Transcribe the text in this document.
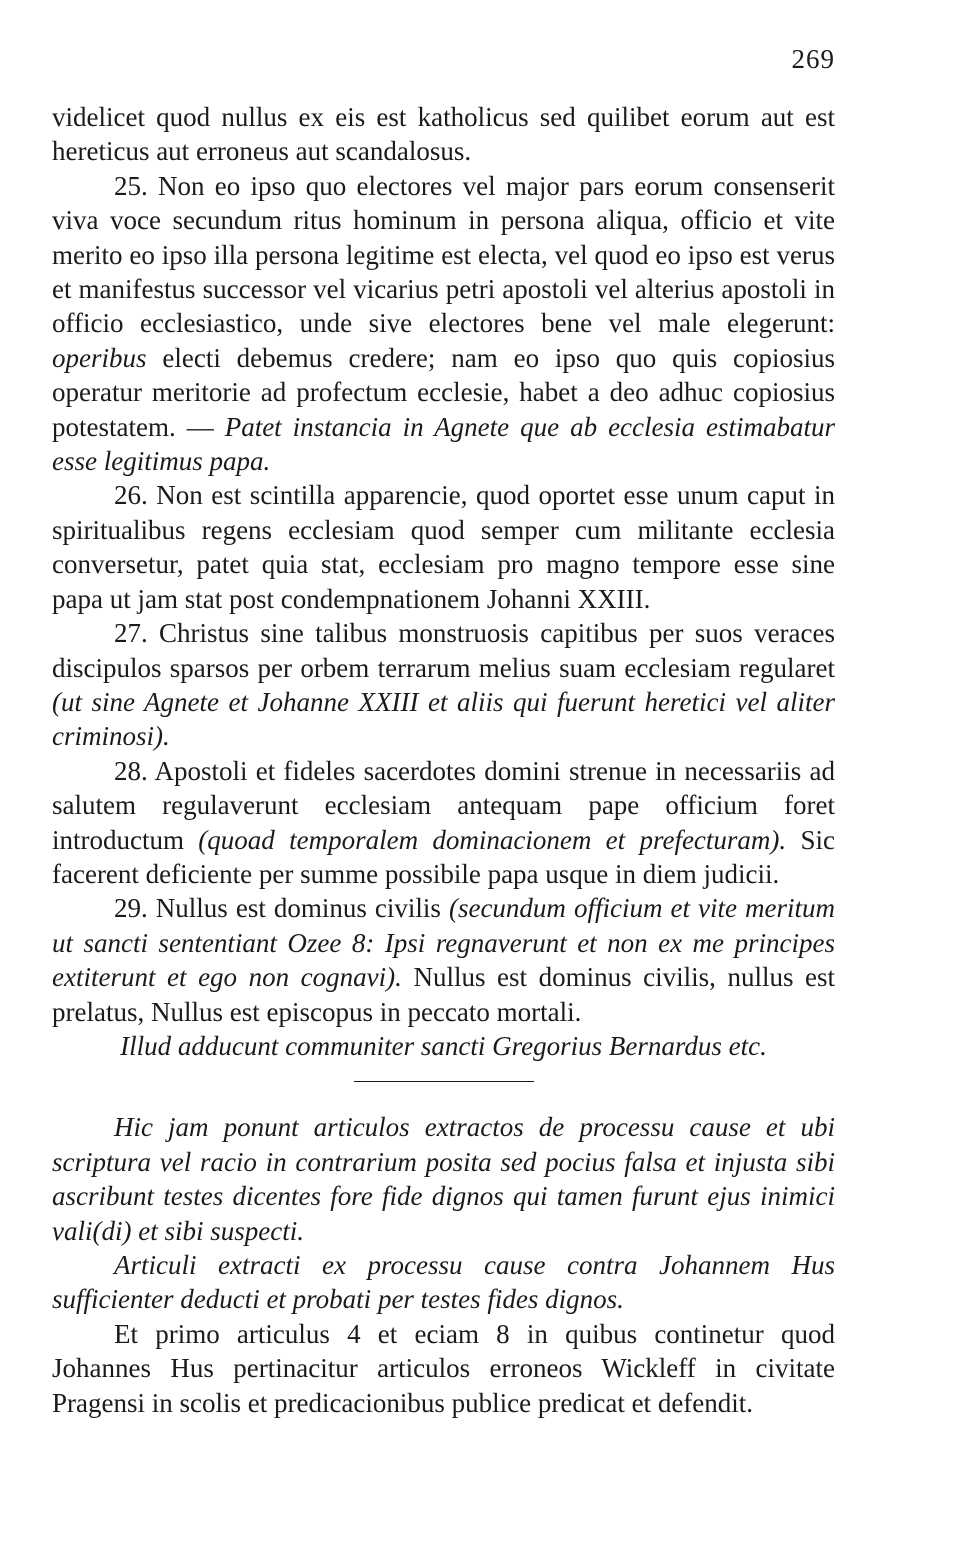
269

videlicet quod nullus ex eis est katholicus sed quilibet eorum aut est hereticus aut erroneus aut scandalosus.

25. Non eo ipso quo electores vel major pars eorum consenserit viva voce secundum ritus hominum in persona aliqua, officio et vite merito eo ipso illa persona legitime est electa, vel quod eo ipso est verus et manifestus successor vel vicarius petri apostoli vel alterius apostoli in officio ecclesiastico, unde sive electores bene vel male elegerunt: operibus electi debemus credere; nam eo ipso quo quis copiosius operatur meritorie ad profectum ecclesie, habet a deo adhuc copiosius potestatem. — Patet instancia in Agnete que ab ecclesia estimabatur esse legitimus papa.

26. Non est scintilla apparencie, quod oportet esse unum caput in spiritualibus regens ecclesiam quod semper cum militante ecclesia conversetur, patet quia stat, ecclesiam pro magno tempore esse sine papa ut jam stat post condempnationem Johanni XXIII.

27. Christus sine talibus monstruosis capitibus per suos veraces discipulos sparsos per orbem terrarum melius suam ecclesiam regularet (ut sine Agnete et Johanne XXIII et aliis qui fuerunt heretici vel aliter criminosi).

28. Apostoli et fideles sacerdotes domini strenue in necessariis ad salutem regulaverunt ecclesiam antequam pape officium foret introductum (quoad temporalem dominacionem et prefecturam). Sic facerent deficiente per summe possibile papa usque in diem judicii.

29. Nullus est dominus civilis (secundum officium et vite meritum ut sancti sententiant Ozee 8: Ipsi regnaverunt et non ex me principes extiterunt et ego non cognavi). Nullus est dominus civilis, nullus est prelatus, Nullus est episcopus in peccato mortali.

Illud adducunt communiter sancti Gregorius Bernardus etc.

Hic jam ponunt articulos extractos de processu cause et ubi scriptura vel racio in contrarium posita sed pocius falsa et injusta sibi ascribunt testes dicentes fore fide dignos qui tamen furunt ejus inimici vali(di) et sibi suspecti.

Articuli extracti ex processu cause contra Johannem Hus sufficienter deducti et probati per testes fides dignos.

Et primo articulus 4 et eciam 8 in quibus continetur quod Johannes Hus pertinacitur articulos erroneos Wickleff in civitate Pragensi in scolis et predicacionibus publice predicat et defendit.
